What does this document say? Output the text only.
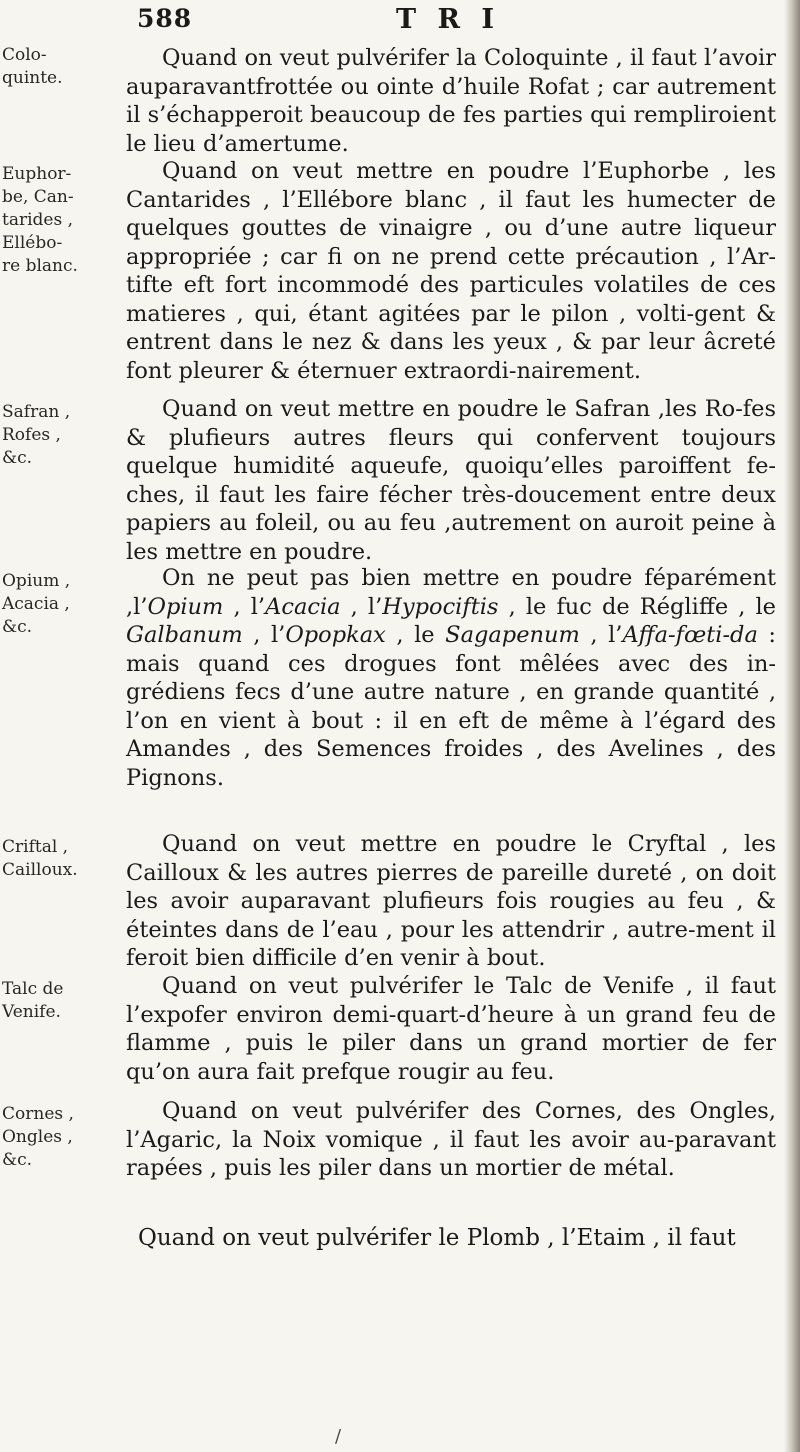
588	T R I
Colo-
quinte.
Quand on veut pulvérifer la Coloquinte , il faut l’avoir auparavantfrottée ou ointe d’huile Rofat ; car autrement il s’échapperoit beaucoup de fes parties qui rempliroient le lieu d’amertume.
Euphor-
be, Can-
tarides ,
Ellébo-
re blanc.
Quand on veut mettre en poudre l’Euphorbe , les Cantarides , l’Ellébore blanc , il faut les humecter de quelques gouttes de vinaigre , ou d’une autre liqueur appropriée ; car fi on ne prend cette précaution , l’Ar-tifte eft fort incommodé des particules volatiles de ces matieres , qui, étant agitées par le pilon , volti-gent & entrent dans le nez & dans les yeux , & par leur âcreté font pleurer & éternuer extraordi-nairement.
Safran ,
Rofes ,
&c.
Quand on veut mettre en poudre le Safran ,les Ro-fes & plufieurs autres fleurs qui confervent toujours quelque humidité aqueufe, quoiqu’elles paroiffent fe-ches, il faut les faire fécher très-doucement entre deux papiers au foleil, ou au feu ,autrement on auroit peine à les mettre en poudre.
Opium ,
Acacia ,
&c.
On ne peut pas bien mettre en poudre féparément ,l’Opium , l’Acacia , l’Hypociftis , le fuc de Régliffe , le Galbanum , l’Opopkax , le Sagapenum , l’Affa-fœti-da : mais quand ces drogues font mêlées avec des in-grédiens fecs d’une autre nature , en grande quantité , l’on en vient à bout : il en eft de même à l’égard des Amandes , des Semences froides , des Avelines , des Pignons.
Criftal ,
Cailloux.
Quand on veut mettre en poudre le Cryftal , les Cailloux & les autres pierres de pareille dureté , on doit les avoir auparavant plufieurs fois rougies au feu , & éteintes dans de l’eau , pour les attendrir , autre-ment il feroit bien difficile d’en venir à bout.
Talc de
Venife.
Quand on veut pulvérifer le Talc de Venife , il faut l’expofer environ demi-quart-d’heure à un grand feu de flamme , puis le piler dans un grand mortier de fer qu’on aura fait prefque rougir au feu.
Cornes ,
Ongles ,
&c.
Quand on veut pulvérifer des Cornes, des Ongles, l’Agaric, la Noix vomique , il faut les avoir au-paravant rapées , puis les piler dans un mortier de métal.
Quand on veut pulvérifer le Plomb , l’Etaim , il faut
/
